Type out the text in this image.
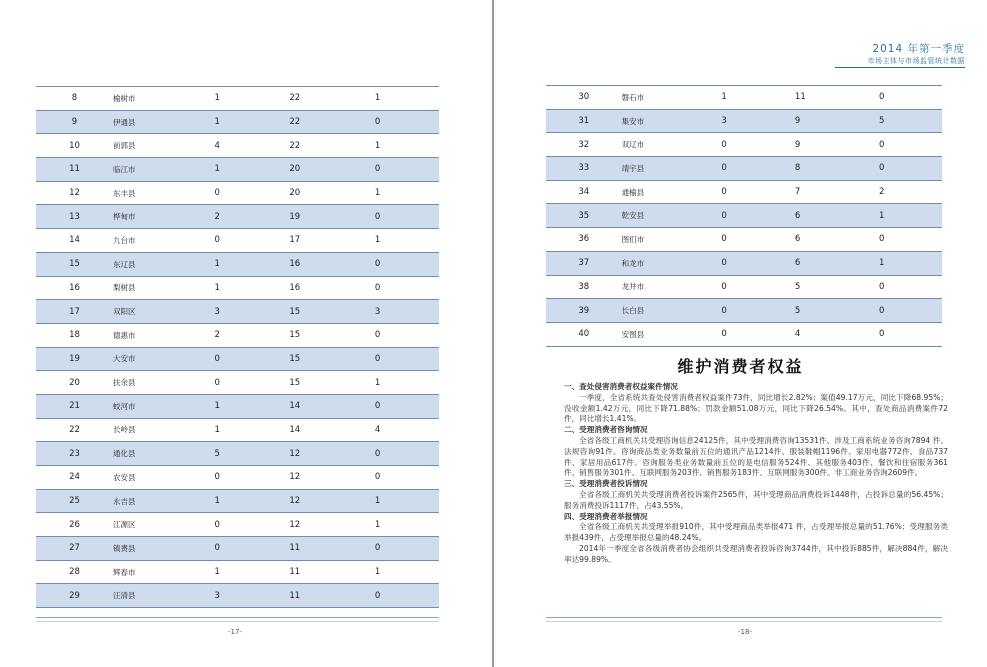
8	榆树市	1	22	1
9	伊通县	1	22	0
10	前郭县	4	22	1
11	临江市	1	20	0
12	东丰县	0	20	1
13	桦甸市	2	19	0
14	九台市	0	17	1
15	东辽县	1	16	0
16	梨树县	1	16	0
17	双阳区	3	15	3
18	德惠市	2	15	0
19	大安市	0	15	0
20	扶余县	0	15	1
21	蛟河市	1	14	0
22	长岭县	1	14	4
23	通化县	5	12	0
24	农安县	0	12	0
25	永吉县	1	12	1
26	江源区	0	12	1
27	镇赉县	0	11	0
28	辉春市	1	11	1
29	汪清县	3	11	0
-17-
2014 年第一季度
市场主体与市场监管统计数据
30	磐石市	1	11	0
31	集安市	3	9	5
32	双辽市	0	9	0
33	靖宇县	0	8	0
34	通榆县	0	7	2
35	乾安县	0	6	1
36	图们市	0	6	0
37	和龙市	0	6	1
38	龙井市	0	5	0
39	长白县	0	5	0
40	安图县	0	4	0
-18-
维护消费者权益
一、查处侵害消费者权益案件情况
一季度，全省系统共查处侵害消费者权益案件73件，同比增长2.82%；案值49.17万元，同比下降68.95%；没收金额1.42万元，同比下降71.88%；罚款金额51.08万元，同比下降26.54%。其中，查处商品消费案件72件，同比增长1.41%。
二、受理消费者咨询情况
全省各级工商机关共受理咨询信息24125件，其中受理消费咨询13531件、涉及工商系统业务咨询7894 件、法规咨询91件。咨询商品类业务数量前五位的通讯产品1214件、服装鞋帽1196件、家用电器772件、食品737件、家居用品617件。咨询服务类业务数量前五位的是电信服务524件、其他服务403件、餐饮和住宿服务361件、销售服务301件、互联网服务203件、销售服务183件、互联网服务300件。非工商业务咨询2609件。
三、受理消费者投诉情况
全省各级工商机关共受理消费者投诉案件2565件，其中受理商品消费投诉1448件，占投诉总量的56.45%；服务消费投诉1117件，占43.55%。
四、受理消费者举报情况
全省各级工商机关共受理举报910件，其中受理商品类举报471 件，占受理举报总量的51.76%；受理服务类举报439件，占受理举报总量的48.24%。
2014年一季度全省各级消费者协会组织共受理消费者投诉咨询3744件，其中投诉885件，解决884件，解决率达99.89%。
